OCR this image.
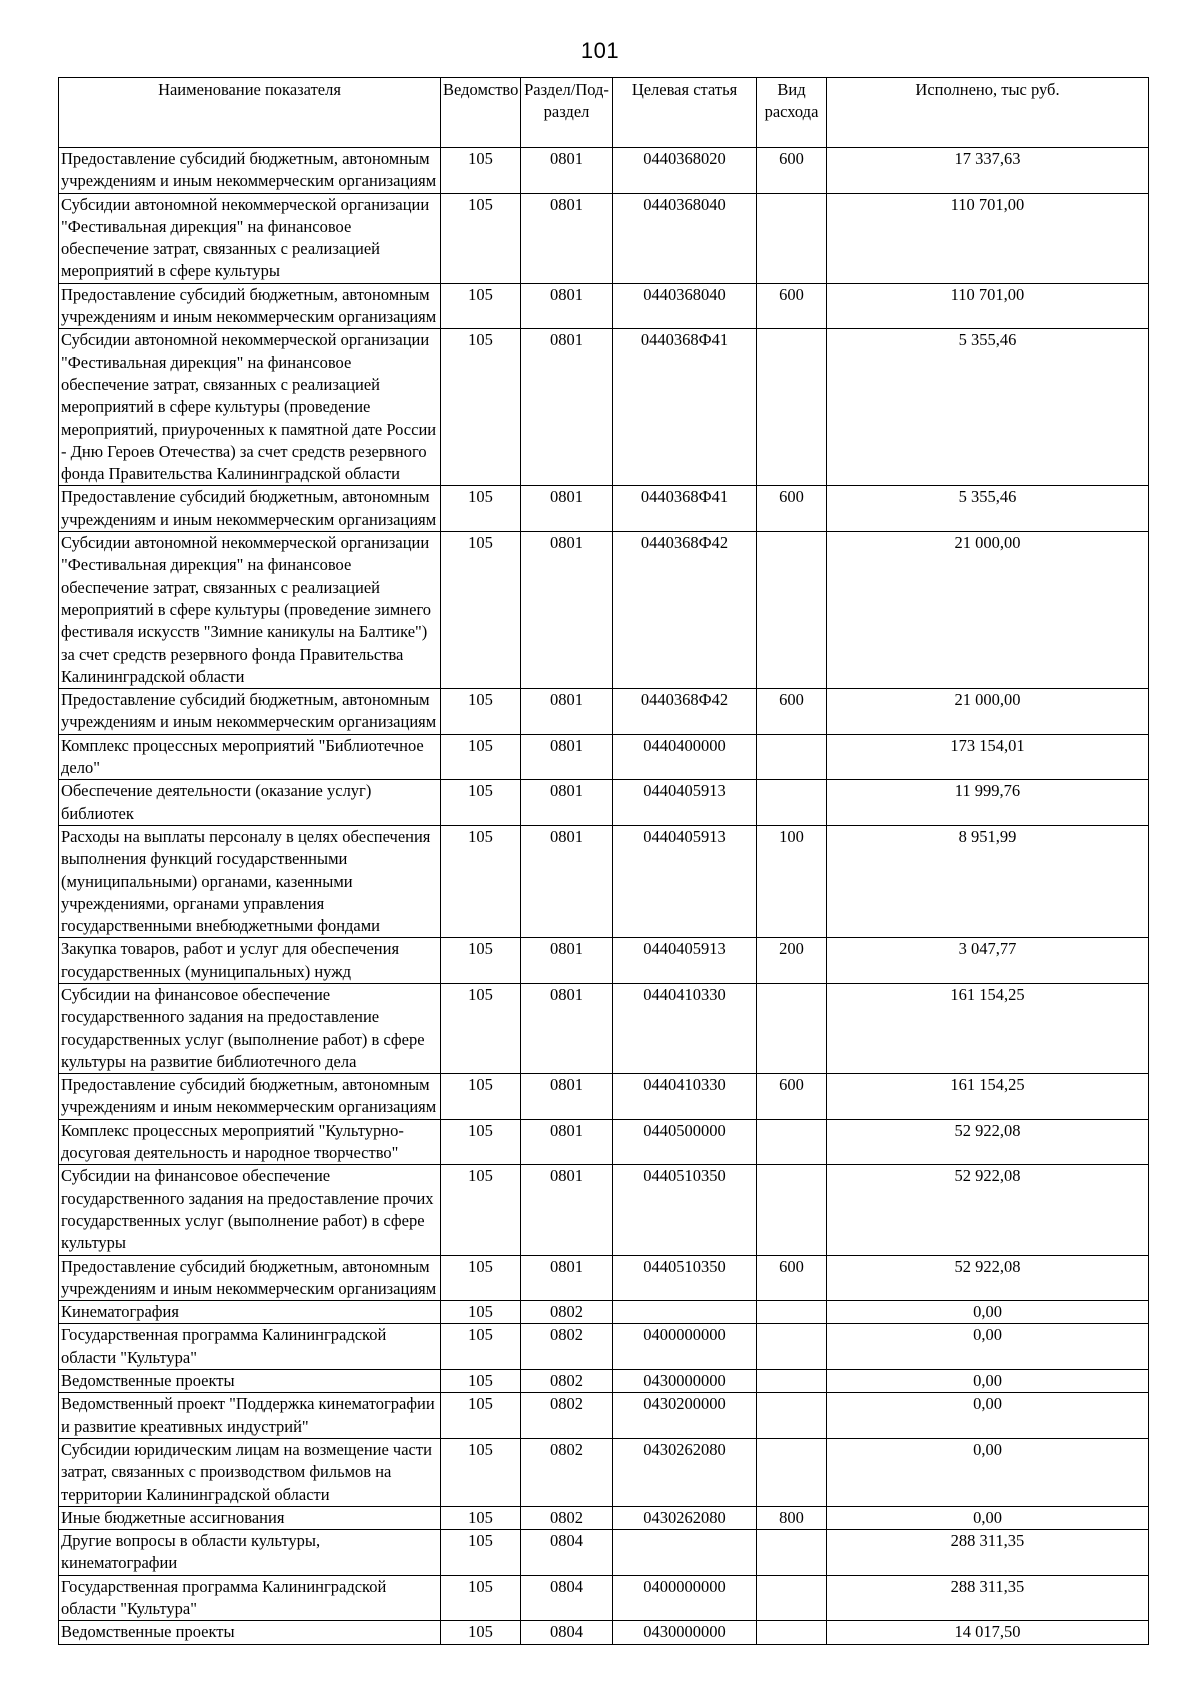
101
Наименование показателя	Ведомство	Раздел/Под-раздел	Целевая статья	Вид расхода	Исполнено, тыс руб.
Предоставление субсидий бюджетным, автономным учреждениям и иным некоммерческим организациям	105	0801	0440368020	600	17 337,63
Субсидии автономной некоммерческой организации "Фестивальная дирекция" на финансовое обеспечение затрат, связанных с реализацией мероприятий в сфере культуры	105	0801	0440368040		110 701,00
Предоставление субсидий бюджетным, автономным учреждениям и иным некоммерческим организациям	105	0801	0440368040	600	110 701,00
Субсидии автономной некоммерческой организации "Фестивальная дирекция" на финансовое обеспечение затрат, связанных с реализацией мероприятий в сфере культуры (проведение мероприятий, приуроченных к памятной дате России - Дню Героев Отечества) за счет средств резервного фонда Правительства Калининградской области	105	0801	0440368Ф41		5 355,46
Предоставление субсидий бюджетным, автономным учреждениям и иным некоммерческим организациям	105	0801	0440368Ф41	600	5 355,46
Субсидии автономной некоммерческой организации "Фестивальная дирекция" на финансовое обеспечение затрат, связанных с реализацией мероприятий в сфере культуры (проведение зимнего фестиваля искусств "Зимние каникулы на Балтике") за счет средств резервного фонда Правительства Калининградской области	105	0801	0440368Ф42		21 000,00
Предоставление субсидий бюджетным, автономным учреждениям и иным некоммерческим организациям	105	0801	0440368Ф42	600	21 000,00
Комплекс процессных мероприятий "Библиотечное дело"	105	0801	0440400000		173 154,01
Обеспечение деятельности (оказание услуг) библиотек	105	0801	0440405913		11 999,76
Расходы на выплаты персоналу в целях обеспечения выполнения функций государственными (муниципальными) органами, казенными учреждениями, органами управления государственными внебюджетными фондами	105	0801	0440405913	100	8 951,99
Закупка товаров, работ и услуг для обеспечения государственных (муниципальных) нужд	105	0801	0440405913	200	3 047,77
Субсидии на финансовое обеспечение государственного задания на предоставление государственных услуг (выполнение работ) в сфере культуры на развитие библиотечного дела	105	0801	0440410330		161 154,25
Предоставление субсидий бюджетным, автономным учреждениям и иным некоммерческим организациям	105	0801	0440410330	600	161 154,25
Комплекс процессных мероприятий "Культурно-досуговая деятельность и народное творчество"	105	0801	0440500000		52 922,08
Субсидии на финансовое обеспечение государственного задания на предоставление прочих государственных услуг (выполнение работ) в сфере культуры	105	0801	0440510350		52 922,08
Предоставление субсидий бюджетным, автономным учреждениям и иным некоммерческим организациям	105	0801	0440510350	600	52 922,08
Кинематография	105	0802			0,00
Государственная программа Калининградской области "Культура"	105	0802	0400000000		0,00
Ведомственные проекты	105	0802	0430000000		0,00
Ведомственный проект "Поддержка кинематографии и развитие креативных индустрий"	105	0802	0430200000		0,00
Субсидии юридическим лицам на возмещение части затрат, связанных с производством фильмов на территории Калининградской области	105	0802	0430262080		0,00
Иные бюджетные ассигнования	105	0802	0430262080	800	0,00
Другие вопросы в области культуры, кинематографии	105	0804			288 311,35
Государственная программа Калининградской области "Культура"	105	0804	0400000000		288 311,35
Ведомственные проекты	105	0804	0430000000		14 017,50
